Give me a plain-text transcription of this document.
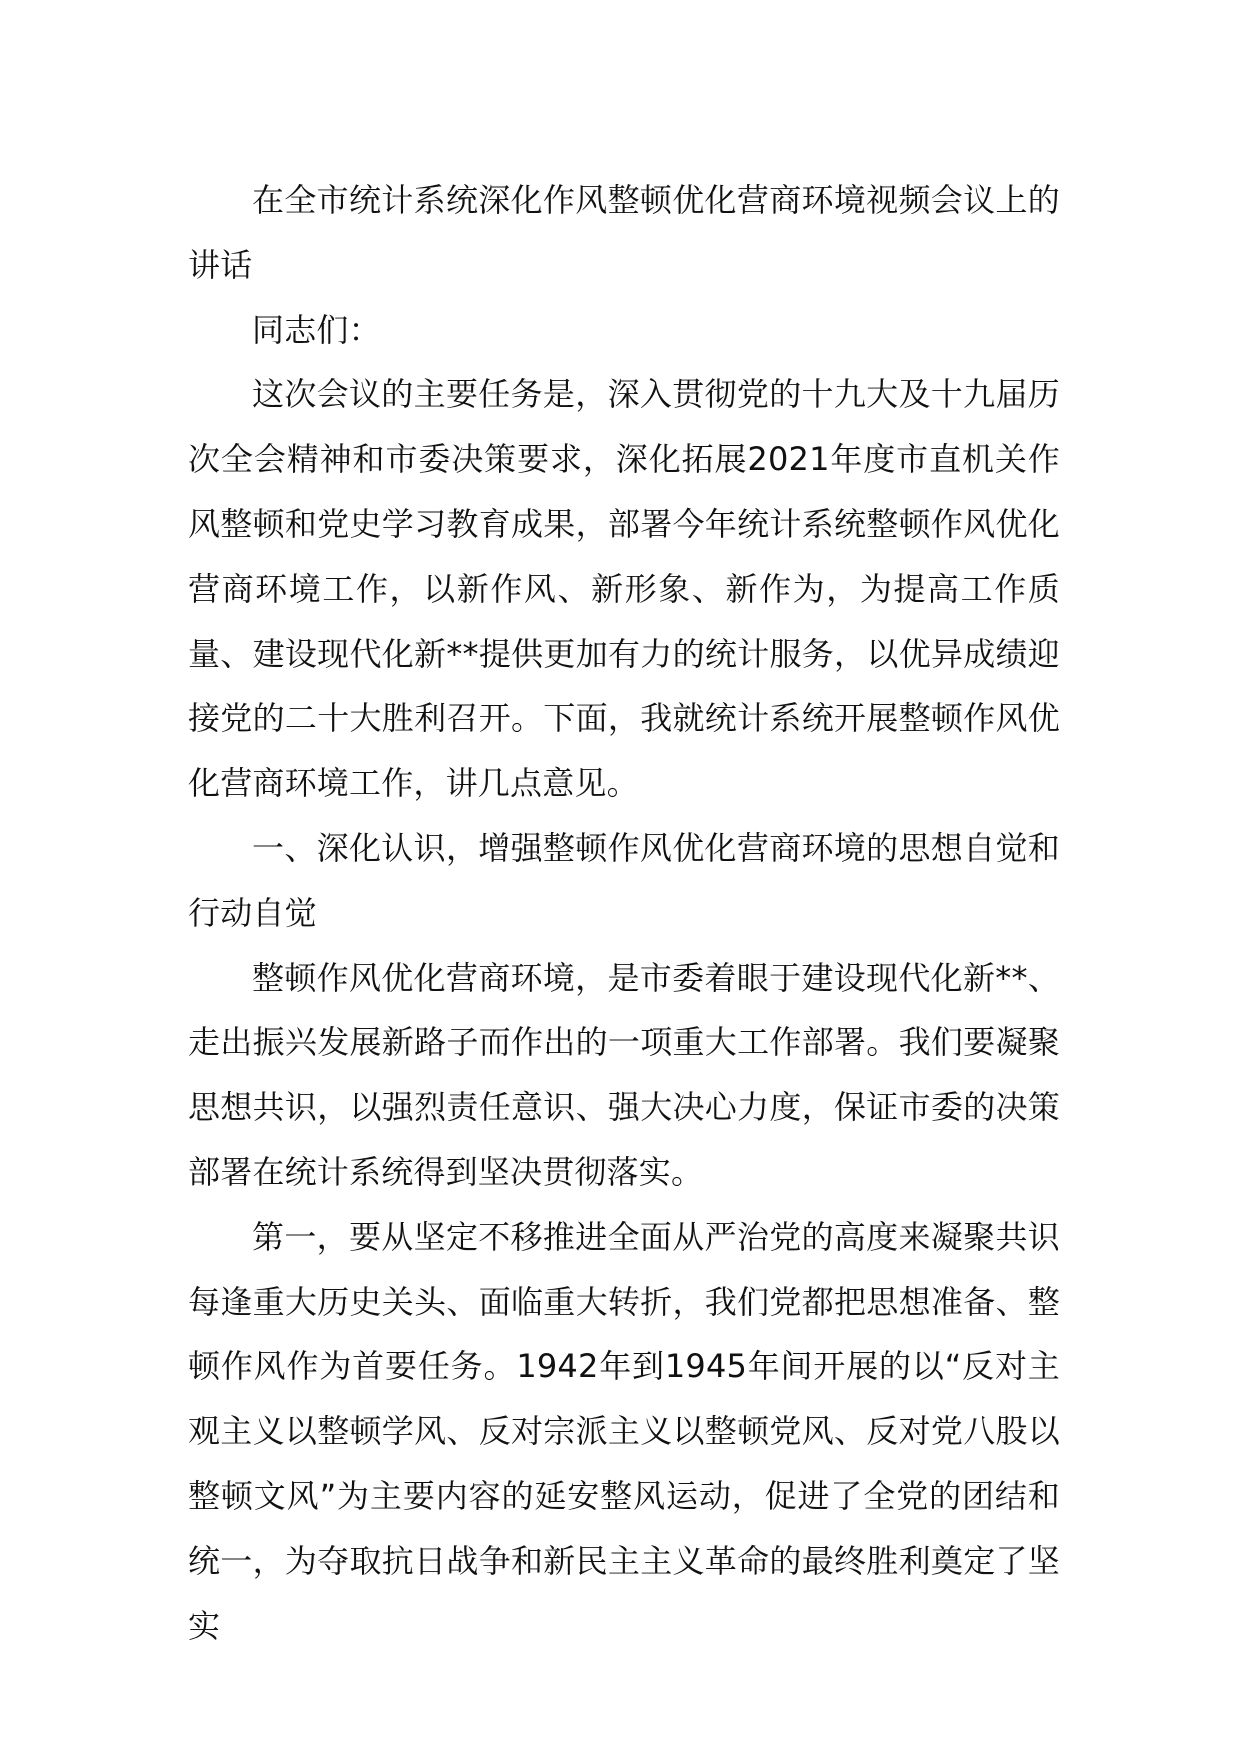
在全市统计系统深化作风整顿优化营商环境视频会议上的讲话

同志们：

这次会议的主要任务是，深入贯彻党的十九大及十九届历次全会精神和市委决策要求，深化拓展2021年度市直机关作风整顿和党史学习教育成果，部署今年统计系统整顿作风优化营商环境工作，以新作风、新形象、新作为，为提高工作质量、建设现代化新**提供更加有力的统计服务，以优异成绩迎接党的二十大胜利召开。下面，我就统计系统开展整顿作风优化营商环境工作，讲几点意见。

一、深化认识，增强整顿作风优化营商环境的思想自觉和行动自觉

整顿作风优化营商环境，是市委着眼于建设现代化新**、走出振兴发展新路子而作出的一项重大工作部署。我们要凝聚思想共识，以强烈责任意识、强大决心力度，保证市委的决策部署在统计系统得到坚决贯彻落实。

第一，要从坚定不移推进全面从严治党的高度来凝聚共识每逢重大历史关头、面临重大转折，我们党都把思想准备、整顿作风作为首要任务。1942年到1945年间开展的以“反对主观主义以整顿学风、反对宗派主义以整顿党风、反对党八股以整顿文风”为主要内容的延安整风运动，促进了全党的团结和统一，为夺取抗日战争和新民主主义革命的最终胜利奠定了坚实
